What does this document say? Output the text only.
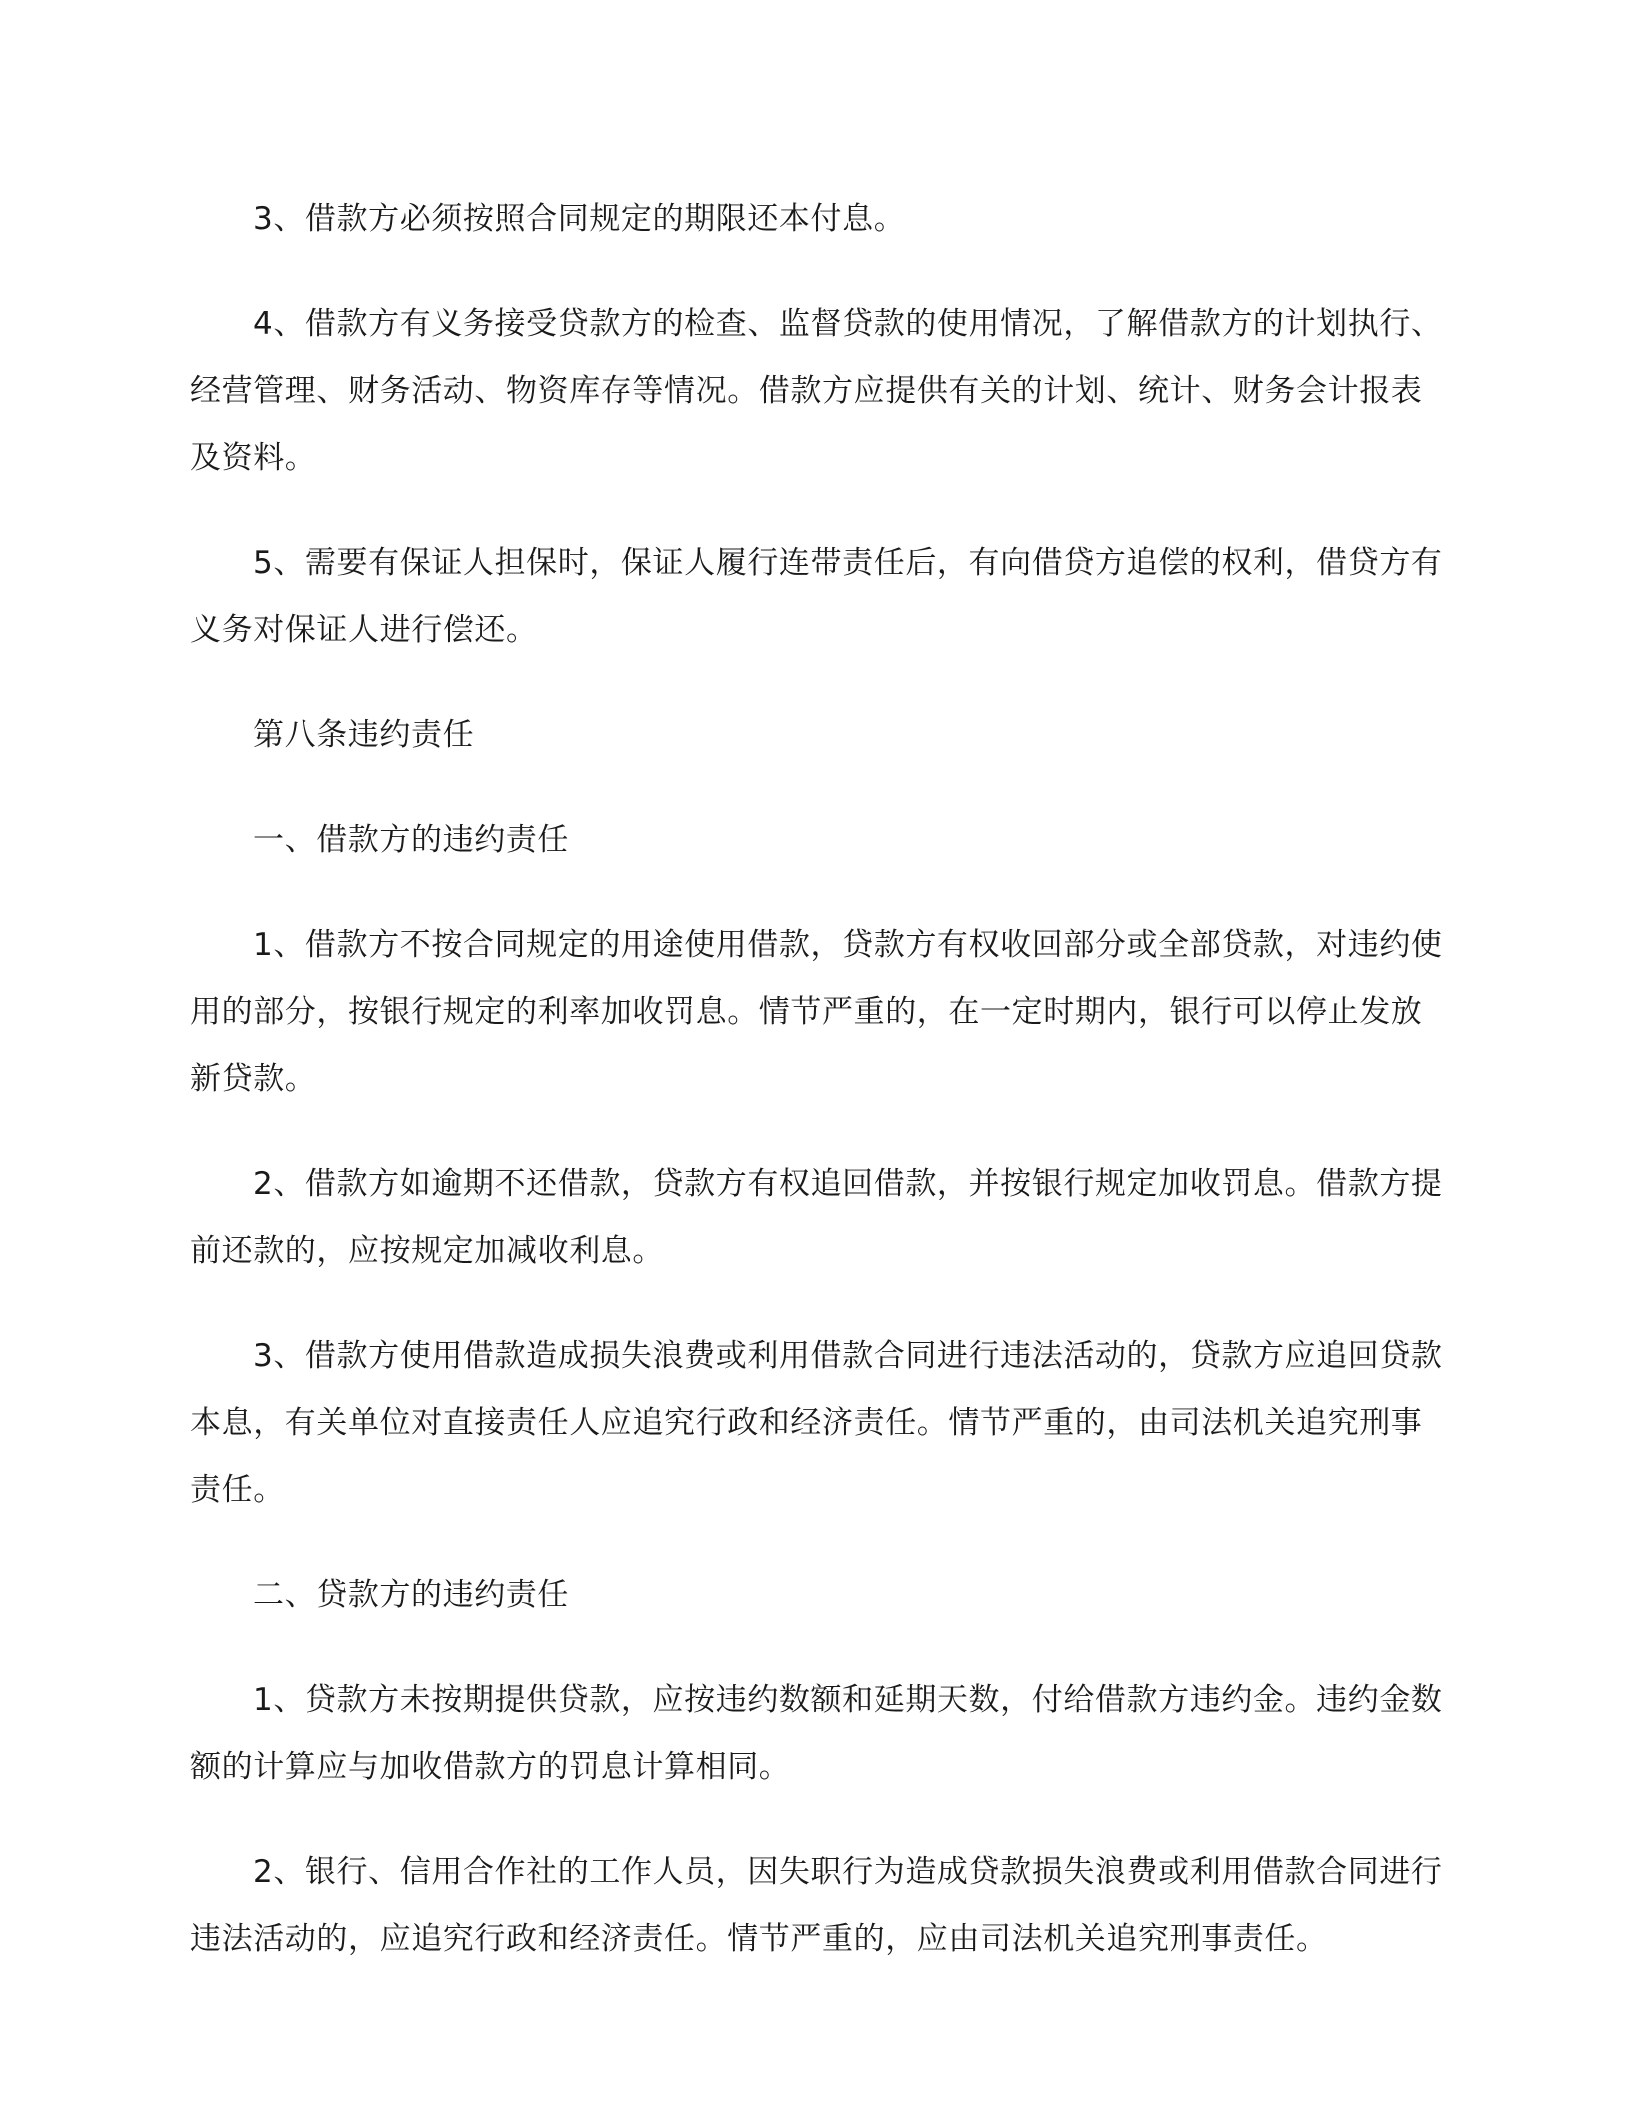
3、借款方必须按照合同规定的期限还本付息。

4、借款方有义务接受贷款方的检查、监督贷款的使用情况，了解借款方的计划执行、经营管理、财务活动、物资库存等情况。借款方应提供有关的计划、统计、财务会计报表及资料。

5、需要有保证人担保时，保证人履行连带责任后，有向借贷方追偿的权利，借贷方有义务对保证人进行偿还。

第八条违约责任

一、借款方的违约责任

1、借款方不按合同规定的用途使用借款，贷款方有权收回部分或全部贷款，对违约使用的部分，按银行规定的利率加收罚息。情节严重的，在一定时期内，银行可以停止发放新贷款。

2、借款方如逾期不还借款，贷款方有权追回借款，并按银行规定加收罚息。借款方提前还款的，应按规定加减收利息。

3、借款方使用借款造成损失浪费或利用借款合同进行违法活动的，贷款方应追回贷款本息，有关单位对直接责任人应追究行政和经济责任。情节严重的，由司法机关追究刑事责任。

二、贷款方的违约责任

1、贷款方未按期提供贷款，应按违约数额和延期天数，付给借款方违约金。违约金数额的计算应与加收借款方的罚息计算相同。

2、银行、信用合作社的工作人员，因失职行为造成贷款损失浪费或利用借款合同进行违法活动的，应追究行政和经济责任。情节严重的，应由司法机关追究刑事责任。
